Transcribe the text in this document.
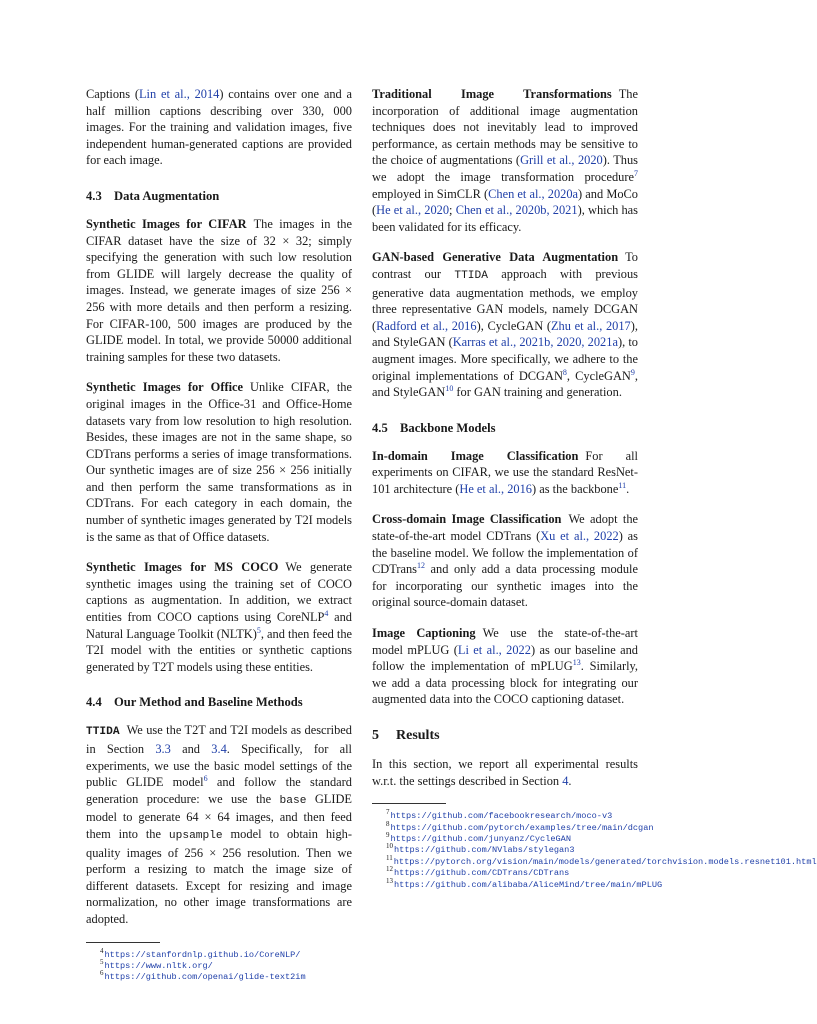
Captions (Lin et al., 2014) contains over one and a half million captions describing over 330, 000 images. For the training and validation images, five independent human-generated captions are provided for each image.

4.3 Data Augmentation

Synthetic Images for CIFAR The images in the CIFAR dataset have the size of 32 × 32; simply specifying the generation with such low resolution from GLIDE will largely decrease the quality of images. Instead, we generate images of size 256 × 256 with more details and then perform a resizing. For CIFAR-100, 500 images are produced by the GLIDE model. In total, we provide 50000 additional training samples for these two datasets.

Synthetic Images for Office Unlike CIFAR, the original images in the Office-31 and Office-Home datasets vary from low resolution to high resolution. Besides, these images are not in the same shape, so CDTrans performs a series of image transformations. Our synthetic images are of size 256 × 256 initially and then perform the same transformations as in CDTrans. For each category in each domain, the number of synthetic images generated by T2I models is the same as that of Office datasets.

Synthetic Images for MS COCO We generate synthetic images using the training set of COCO captions as augmentation. In addition, we extract entities from COCO captions using CoreNLP$^4$ and Natural Language Toolkit (NLTK)$^5$, and then feed the T2I model with the entities or synthetic captions generated by T2T models using these entities.

4.4 Our Method and Baseline Methods

TTIDA We use the T2T and T2I models as described in Section 3.3 and 3.4. Specifically, for all experiments, we use the basic model settings of the public GLIDE model$^6$ and follow the standard generation procedure: we use the base GLIDE model to generate 64 × 64 images, and then feed them into the upsample model to obtain high-quality images of 256 × 256 resolution. Then we perform a resizing to match the image size of different datasets. Except for resizing and image normalization, no other image transformations are adopted.

$^4$https://stanfordnlp.github.io/CoreNLP/

$^5$https://www.nltk.org/

$^6$https://github.com/openai/glide-text2im

Traditional Image Transformations The incorporation of additional image augmentation techniques does not inevitably lead to improved performance, as certain methods may be sensitive to the choice of augmentations (Grill et al., 2020). Thus we adopt the image transformation procedure$^7$ employed in SimCLR (Chen et al., 2020a) and MoCo (He et al., 2020; Chen et al., 2020b, 2021), which has been validated for its efficacy.

GAN-based Generative Data Augmentation To contrast our TTIDA approach with previous generative data augmentation methods, we employ three representative GAN models, namely DCGAN (Radford et al., 2016), CycleGAN (Zhu et al., 2017), and StyleGAN (Karras et al., 2021b, 2020, 2021a), to augment images. More specifically, we adhere to the original implementations of DCGAN$^8$, CycleGAN$^9$, and StyleGAN$^{10}$ for GAN training and generation.

4.5 Backbone Models

In-domain Image Classification For all experiments on CIFAR, we use the standard ResNet-101 architecture (He et al., 2016) as the backbone$^{11}$.

Cross-domain Image Classification We adopt the state-of-the-art model CDTrans (Xu et al., 2022) as the baseline model. We follow the implementation of CDTrans$^{12}$ and only add a data processing module for incorporating our synthetic images into the original source-domain dataset.

Image Captioning We use the state-of-the-art model mPLUG (Li et al., 2022) as our baseline and follow the implementation of mPLUG$^{13}$. Similarly, we add a data processing block for integrating our augmented data into the COCO captioning dataset.

5 Results

In this section, we report all experimental results w.r.t. the settings described in Section 4.

$^7$https://github.com/facebookresearch/moco-v3

$^8$https://github.com/pytorch/examples/tree/main/dcgan

$^9$https://github.com/junyanz/CycleGAN

$^{10}$https://github.com/NVlabs/stylegan3

$^{11}$https://pytorch.org/vision/main/models/generated/torchvision.models.resnet101.html

$^{12}$https://github.com/CDTrans/CDTrans

$^{13}$https://github.com/alibaba/AliceMind/tree/main/mPLUG
